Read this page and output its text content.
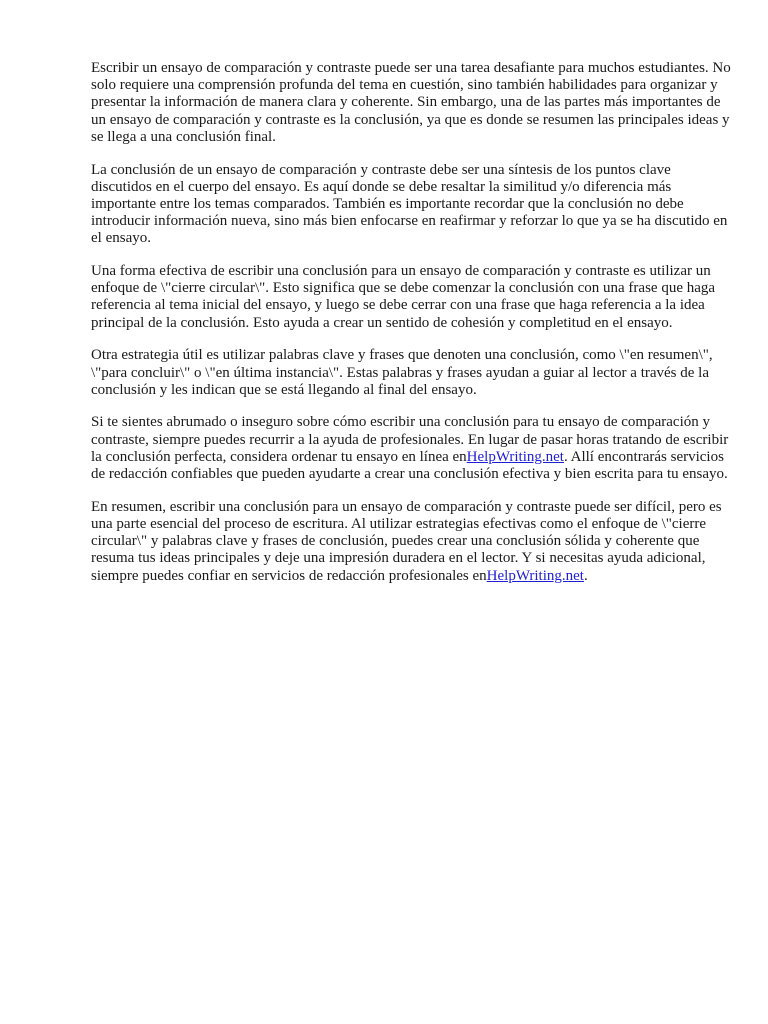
Escribir un ensayo de comparación y contraste puede ser una tarea desafiante para muchos estudiantes. No solo requiere una comprensión profunda del tema en cuestión, sino también habilidades para organizar y presentar la información de manera clara y coherente. Sin embargo, una de las partes más importantes de un ensayo de comparación y contraste es la conclusión, ya que es donde se resumen las principales ideas y se llega a una conclusión final.

La conclusión de un ensayo de comparación y contraste debe ser una síntesis de los puntos clave discutidos en el cuerpo del ensayo. Es aquí donde se debe resaltar la similitud y/o diferencia más importante entre los temas comparados. También es importante recordar que la conclusión no debe introducir información nueva, sino más bien enfocarse en reafirmar y reforzar lo que ya se ha discutido en el ensayo.

Una forma efectiva de escribir una conclusión para un ensayo de comparación y contraste es utilizar un enfoque de \"cierre circular\". Esto significa que se debe comenzar la conclusión con una frase que haga referencia al tema inicial del ensayo, y luego se debe cerrar con una frase que haga referencia a la idea principal de la conclusión. Esto ayuda a crear un sentido de cohesión y completitud en el ensayo.

Otra estrategia útil es utilizar palabras clave y frases que denoten una conclusión, como \"en resumen\", \"para concluir\" o \"en última instancia\". Estas palabras y frases ayudan a guiar al lector a través de la conclusión y les indican que se está llegando al final del ensayo.

Si te sientes abrumado o inseguro sobre cómo escribir una conclusión para tu ensayo de comparación y contraste, siempre puedes recurrir a la ayuda de profesionales. En lugar de pasar horas tratando de escribir la conclusión perfecta, considera ordenar tu ensayo en línea enHelpWriting.net. Allí encontrarás servicios de redacción confiables que pueden ayudarte a crear una conclusión efectiva y bien escrita para tu ensayo.

En resumen, escribir una conclusión para un ensayo de comparación y contraste puede ser difícil, pero es una parte esencial del proceso de escritura. Al utilizar estrategias efectivas como el enfoque de \"cierre circular\" y palabras clave y frases de conclusión, puedes crear una conclusión sólida y coherente que resuma tus ideas principales y deje una impresión duradera en el lector. Y si necesitas ayuda adicional, siempre puedes confiar en servicios de redacción profesionales enHelpWriting.net.
